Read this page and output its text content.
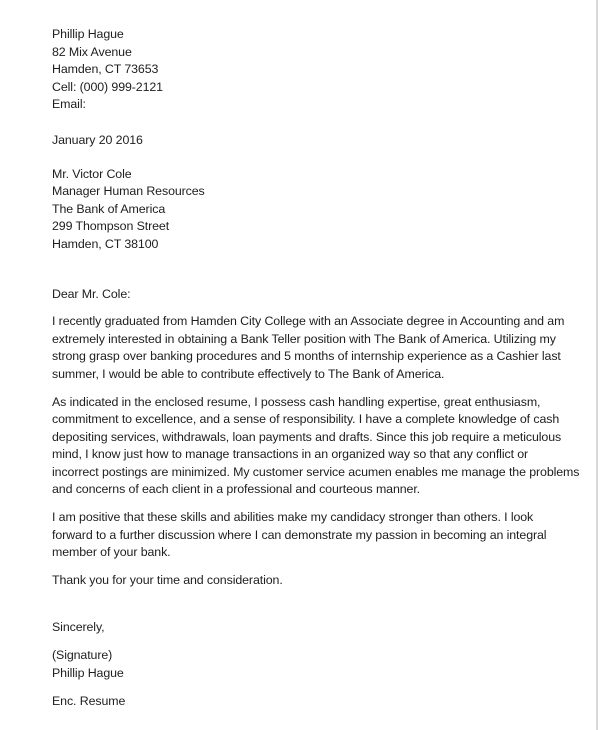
Phillip Hague
82 Mix Avenue
Hamden, CT 73653
Cell: (000) 999-2121
Email:
January 20 2016
Mr. Victor Cole
Manager Human Resources
The Bank of America
299 Thompson Street
Hamden, CT 38100
Dear Mr. Cole:
I recently graduated from Hamden City College with an Associate degree in Accounting and am
extremely interested in obtaining a Bank Teller position with The Bank of America. Utilizing my
strong grasp over banking procedures and 5 months of internship experience as a Cashier last
summer, I would be able to contribute effectively to The Bank of America.
As indicated in the enclosed resume, I possess cash handling expertise, great enthusiasm,
commitment to excellence, and a sense of responsibility. I have a complete knowledge of cash
depositing services, withdrawals, loan payments and drafts. Since this job require a meticulous
mind, I know just how to manage transactions in an organized way so that any conflict or
incorrect postings are minimized. My customer service acumen enables me manage the problems
and concerns of each client in a professional and courteous manner.
I am positive that these skills and abilities make my candidacy stronger than others. I look
forward to a further discussion where I can demonstrate my passion in becoming an integral
member of your bank.
Thank you for your time and consideration.
Sincerely,
(Signature)
Phillip Hague
Enc. Resume
